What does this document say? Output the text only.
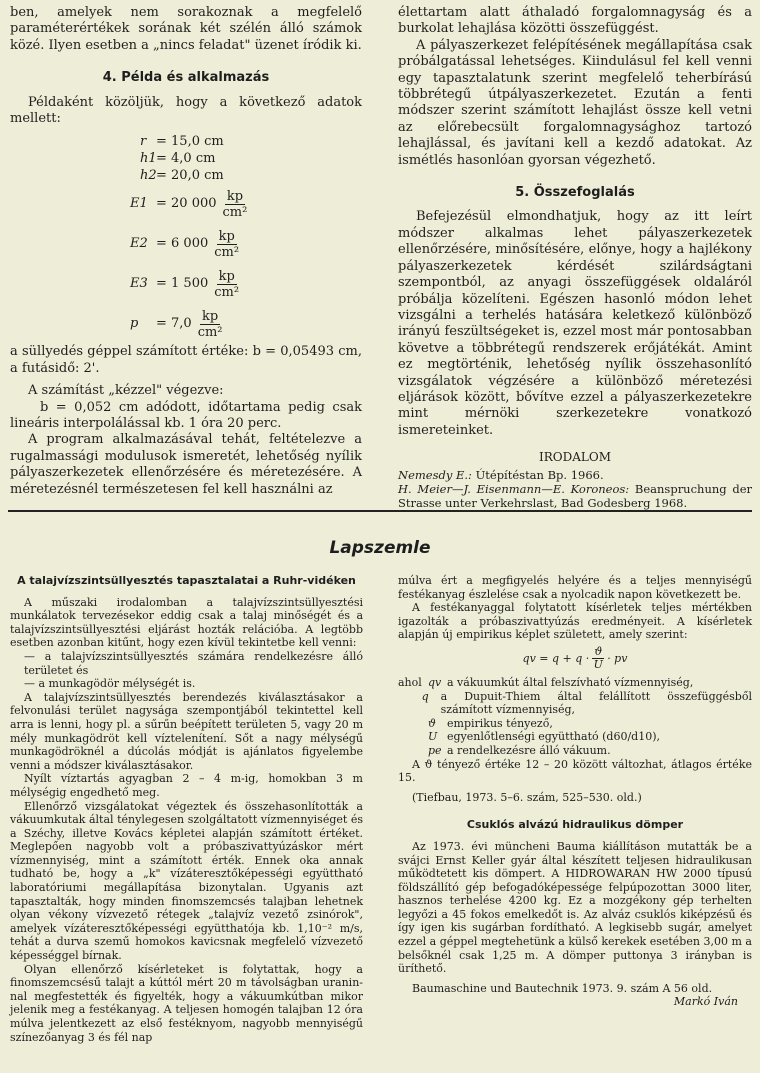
ben, amelyek nem sorakoznak a megfelelő paraméterértékek sorának két szélén álló számok közé. Ilyen esetben a „nincs feladat" üzenet íródik ki.

4. Példa és alkalmazás

Példaként közöljük, hogy a következő adatok mellett:

r = 15,0 cm
h1 = 4,0 cm
h2 = 20,0 cm
E1 = 20 $000 \frac{kp}{\text{cm²}}$
E2 = 6 $000 \frac{kp}{\text{cm²}}$
E3 = 1 $500 \frac{kp}{\text{cm²}}$
p	= $7,0 \frac{kp}{\text{cm²}}$

a süllyedés géppel számított értéke: b = 0,05493 cm, a futásidő: 2'.

A számítást „kézzel" végezve:

b = 0,052 cm adódott, időtartama pedig csak lineáris interpolálással kb. 1 óra 20 perc.

A program alkalmazásával tehát, feltételezve a rugalmassági modulusok ismeretét, lehetőség nyílik pályaszerkezetek ellenőrzésére és méretezésére. A méretezésnél természetesen fel kell használni az

élettartam alatt áthaladó forgalomnagyság és a burkolat lehajlása közötti összefüggést.

A pályaszerkezet felépítésének megállapítása csak próbálgatással lehetséges. Kiindulásul fel kell venni egy tapasztalatunk szerint megfelelő teherbírású többrétegű útpályaszerkezetet. Ezután a fenti módszer szerint számított lehajlást össze kell vetni az előrebecsült forgalomnagysághoz tartozó lehajlással, és javítani kell a kezdő adatokat. Az ismétlés hasonlóan gyorsan végezhető.

5. Összefoglalás

Befejezésül elmondhatjuk, hogy az itt leírt módszer alkalmas lehet pályaszerkezetek ellenőrzésére, minősítésére, előnye, hogy a hajlékony pályaszerkezetek kérdését szilárdságtani szempontból, az anyagi összefüggések oldaláról próbálja közelíteni. Egészen hasonló módon lehet vizsgálni a terhelés hatására keletkező különböző irányú feszültségeket is, ezzel most már pontosabban követve a többrétegű rendszerek erőjátékát. Amint ez megtörténik, lehetőség nyílik összehasonlító vizsgálatok végzésére a különböző méretezési eljárások között, bővítve ezzel a pályaszerkezetekre mint mérnöki szerkezetekre vonatkozó ismereteinket.

IRODALOM
Nemesdy E.: Útépítéstan Bp. 1966.
H. Meier—J. Eisenmann—E. Koroneos: Beanspruchung der Strasse unter Verkehrslast, Bad Godesberg 1968.
Lapszemle
A talajvízszintsüllyesztés tapasztalatai a Ruhr-vidéken

A műszaki irodalomban a talajvízszintsüllyesztési munkálatok tervezésekor eddig csak a talaj minőségét és a talajvízszintsüllyesztési eljárást hozták relációba. A legtöbb esetben azonban kitűnt, hogy ezen kívül tekintetbe kell venni:

— a talajvízszintsüllyesztés számára rendelkezésre álló területet és
— a munkagödör mélységét is.

A talajvízszintsüllyesztés berendezés kiválasztásakor a felvonulási terület nagysága szempontjából tekintettel kell arra is lenni, hogy pl. a sűrűn beépített területen 5, vagy 20 m mély munkagödröt kell víztelenítení. Sőt a nagy mélységű munkagödröknél a dúcolás módját is ajánlatos figyelembe venni a módszer kiválasztásakor.

Nyílt víztartás agyagban 2 – 4 m-ig, homokban 3 m mélységig engedhető meg.

Ellenőrző vizsgálatokat végeztek és összehasonlították a vákuumkutak által ténylegesen szolgáltatott vízmennyiséget és a Széchy, illetve Kovács képletei alapján számított értéket. Meglepően nagyobb volt a próbaszivattyúzáskor mért vízmennyiség, mint a számított érték. Ennek oka annak tudható be, hogy a „k" vízáteresztőképességi együttható laboratóriumi megállapítása bizonytalan. Ugyanis azt tapasztalták, hogy minden finomszemcsés talajban lehetnek olyan vékony vízvezető rétegek „talajvíz vezető zsinórok", amelyek vízáteresztőképességi együtthatója kb. 1,10⁻² m/s, tehát a durva szemű homokos kavicsnak megfelelő vízvezető képességgel bírnak.

Olyan ellenőrző kísérleteket is folytattak, hogy a finomszemcsésű talajt a kúttól mért 20 m távolságban uranin-nal megfestették és figyelték, hogy a vákuumkútban mikor jelenik meg a festékanyag. A teljesen homogén talajban 12 óra múlva jelentkezett az első festéknyom, nagyobb mennyiségű színezőanyag 3 és fél nap

múlva ért a megfigyelés helyére és a teljes mennyiségű festékanyag észlelése csak a nyolcadik napon következett be.

A festékanyaggal folytatott kísérletek teljes mértékben igazolták a próbaszivattyúzás eredményeit. A kísérletek alapján új empirikus képlet született, amely szerint:

qv = $q + q \cdot \frac{ϑ}{U}$ · pv
ahol qv a vákuumkút által felszívható vízmennyiség,
q	a Dupuit-Thiem által felállított összefüggésből számított vízmennyiség,
ϑ	empirikus tényező,
U egyenlőtlenségi együttható (d60/d10),
pe a rendelkezésre álló vákuum.

A ϑ tényező értéke 12 – 20 között változhat, átlagos értéke 15.

(Tiefbau, 1973. 5–6. szám, 525–530. old.)
Csuklós alvázú hidraulikus dömper

Az 1973. évi müncheni Bauma kiállításon mutatták be a svájci Ernst Keller gyár által készített teljesen hidraulikusan működtetett kis dömpert. A HIDROWARAN HW 2000 típusú földszállító gép befogadóképessége felpúpozottan 3000 liter, hasznos terhelése 4200 kg. Ez a mozgékony gép terhelten legyőzi a 45 fokos emelkedőt is. Az alváz csuklós kiképzésű és így igen kis sugárban fordítható. A legkisebb sugár, amelyet ezzel a géppel megtehetünk a külső kerekek esetében 3,00 m a belsőknél csak 1,25 m. A dömper puttonya 3 irányban is üríthető.

Baumaschine und Bautechnik 1973. 9. szám A 56 old.
Markó Iván
